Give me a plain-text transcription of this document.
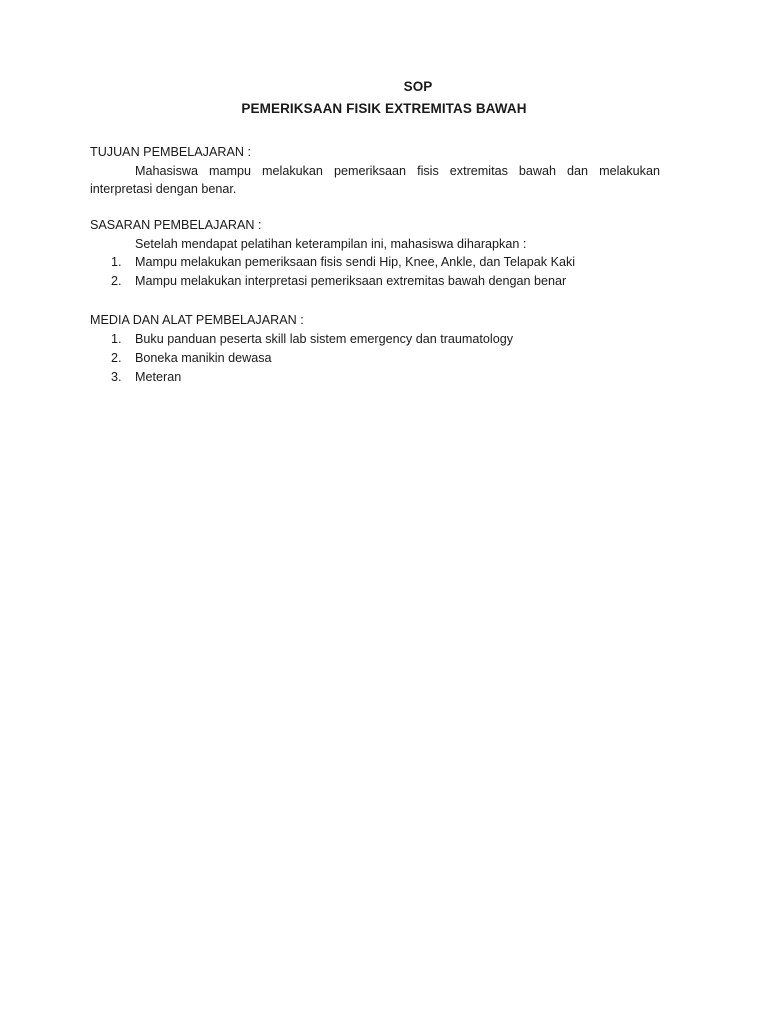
SOP
PEMERIKSAAN FISIK EXTREMITAS BAWAH
TUJUAN PEMBELAJARAN :
Mahasiswa mampu melakukan pemeriksaan fisis extremitas bawah dan melakukan interpretasi dengan benar.
SASARAN PEMBELAJARAN :
Setelah mendapat pelatihan keterampilan ini, mahasiswa diharapkan :
1. Mampu melakukan pemeriksaan fisis sendi Hip, Knee, Ankle, dan Telapak Kaki
2. Mampu melakukan interpretasi pemeriksaan extremitas bawah dengan benar
MEDIA DAN ALAT PEMBELAJARAN :
1. Buku panduan peserta skill lab sistem emergency dan traumatology
2. Boneka manikin dewasa
3. Meteran
